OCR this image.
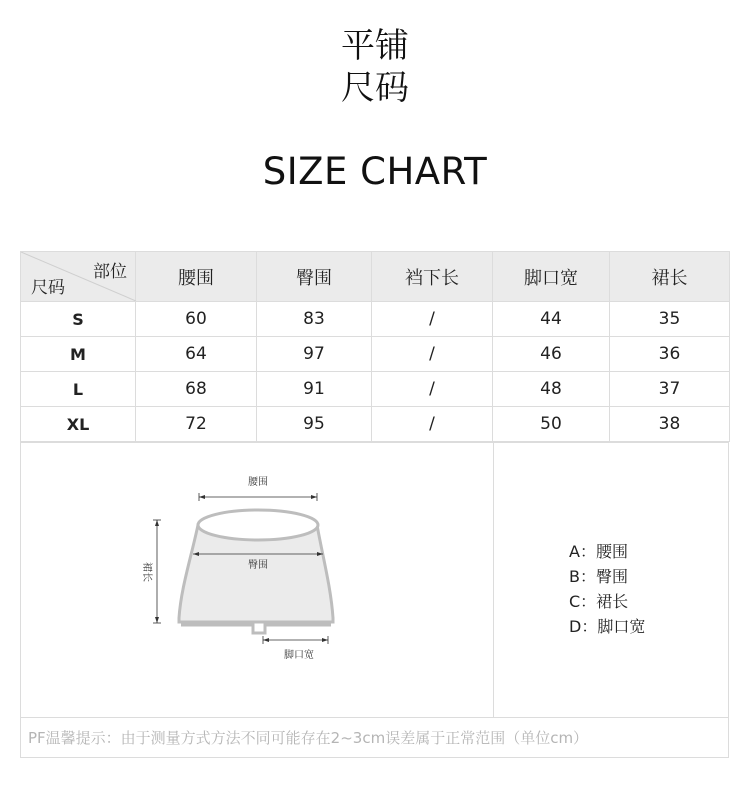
平铺
尺码
SIZE CHART
部位
尺码	腰围	臀围	裆下长	脚口宽	裙长
S	60	83	/	44	35
M	64	97	/	46	36
L	68	91	/	48	37
XL	72	95	/	50	38
腰围
臀围
裙长
脚口宽
A：腰围
B：臀围
C：裙长
D：脚口宽
PF温馨提示：由于测量方式方法不同可能存在2~3cm误差属于正常范围（单位cm）
